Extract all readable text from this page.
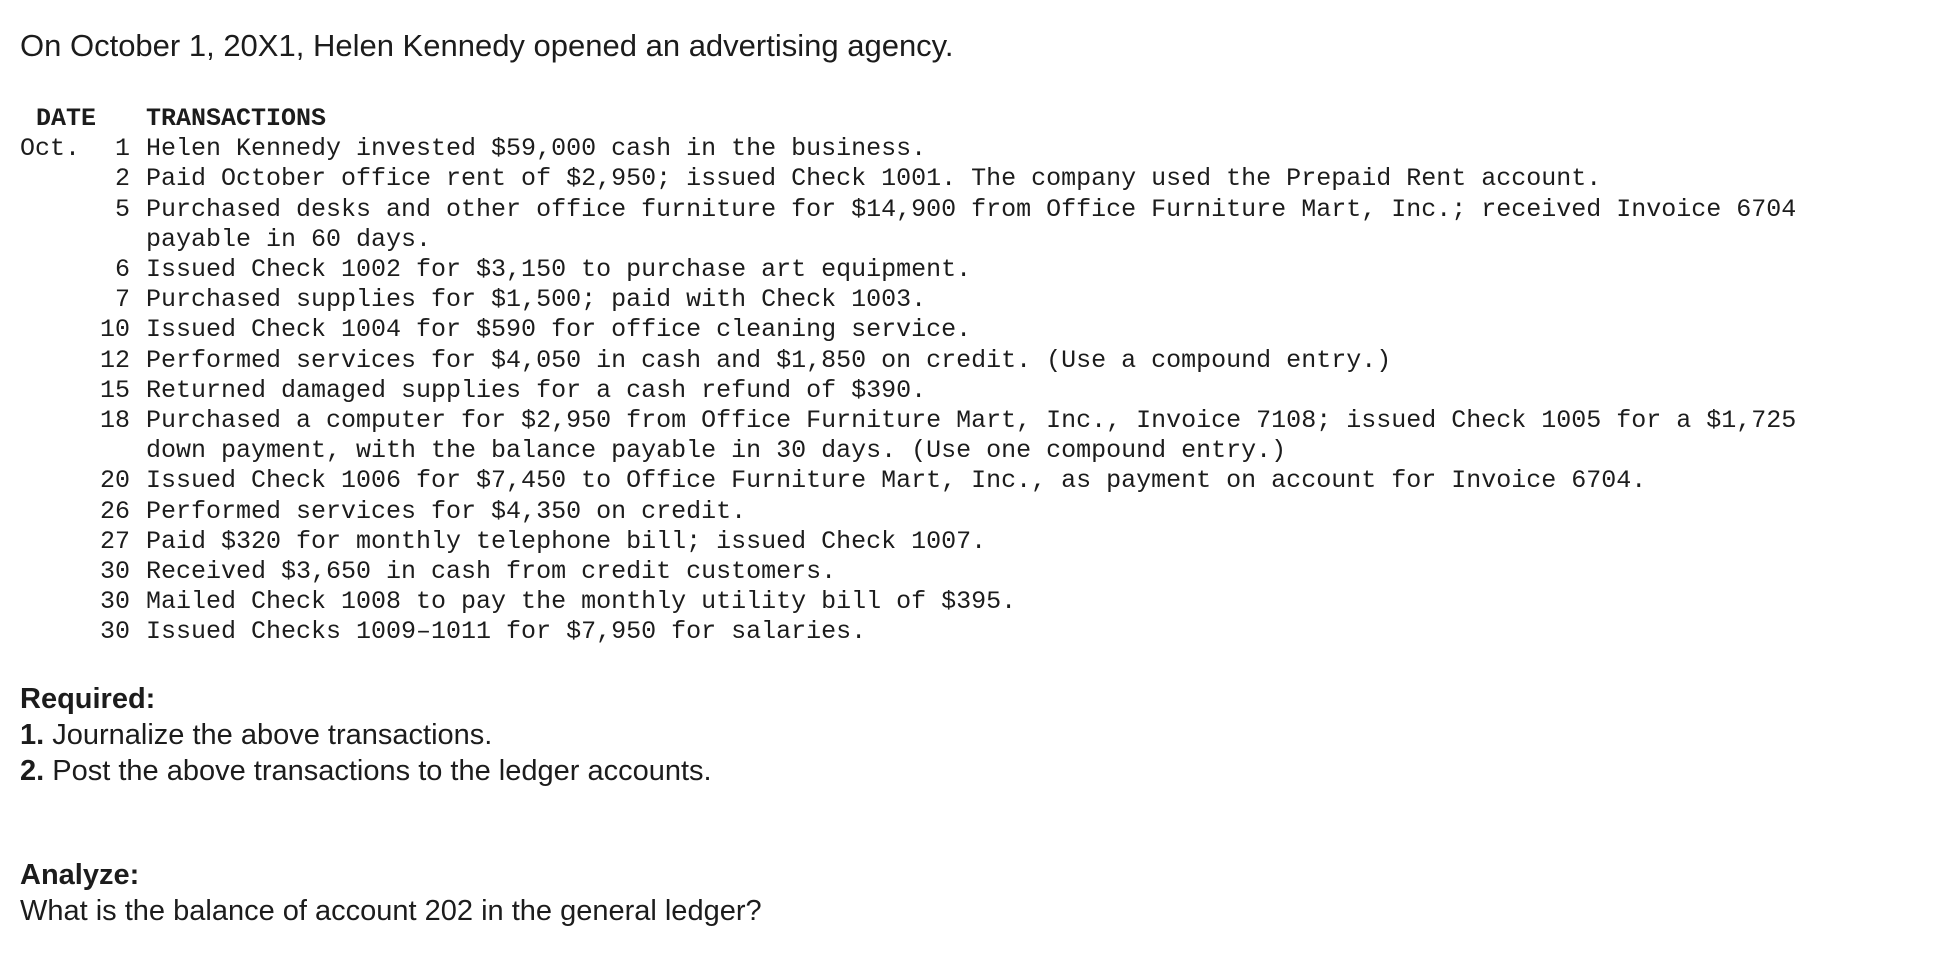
On October 1, 20X1, Helen Kennedy opened an advertising agency.
DATE	TRANSACTIONS
Oct. 1	Helen Kennedy invested $59,000 cash in the business.
2	Paid October office rent of $2,950; issued Check 1001. The company used the Prepaid Rent account.
5	Purchased desks and other office furniture for $14,900 from Office Furniture Mart, Inc.; received Invoice 6704
	payable in 60 days.
6	Issued Check 1002 for $3,150 to purchase art equipment.
7	Purchased supplies for $1,500; paid with Check 1003.
10	Issued Check 1004 for $590 for office cleaning service.
12	Performed services for $4,050 in cash and $1,850 on credit. (Use a compound entry.)
15	Returned damaged supplies for a cash refund of $390.
18	Purchased a computer for $2,950 from Office Furniture Mart, Inc., Invoice 7108; issued Check 1005 for a $1,725
	down payment, with the balance payable in 30 days. (Use one compound entry.)
20	Issued Check 1006 for $7,450 to Office Furniture Mart, Inc., as payment on account for Invoice 6704.
26	Performed services for $4,350 on credit.
27	Paid $320 for monthly telephone bill; issued Check 1007.
30	Received $3,650 in cash from credit customers.
30	Mailed Check 1008 to pay the monthly utility bill of $395.
30	Issued Checks 1009–1011 for $7,950 for salaries.
Required:
1. Journalize the above transactions.
2. Post the above transactions to the ledger accounts.
Analyze:
What is the balance of account 202 in the general ledger?
